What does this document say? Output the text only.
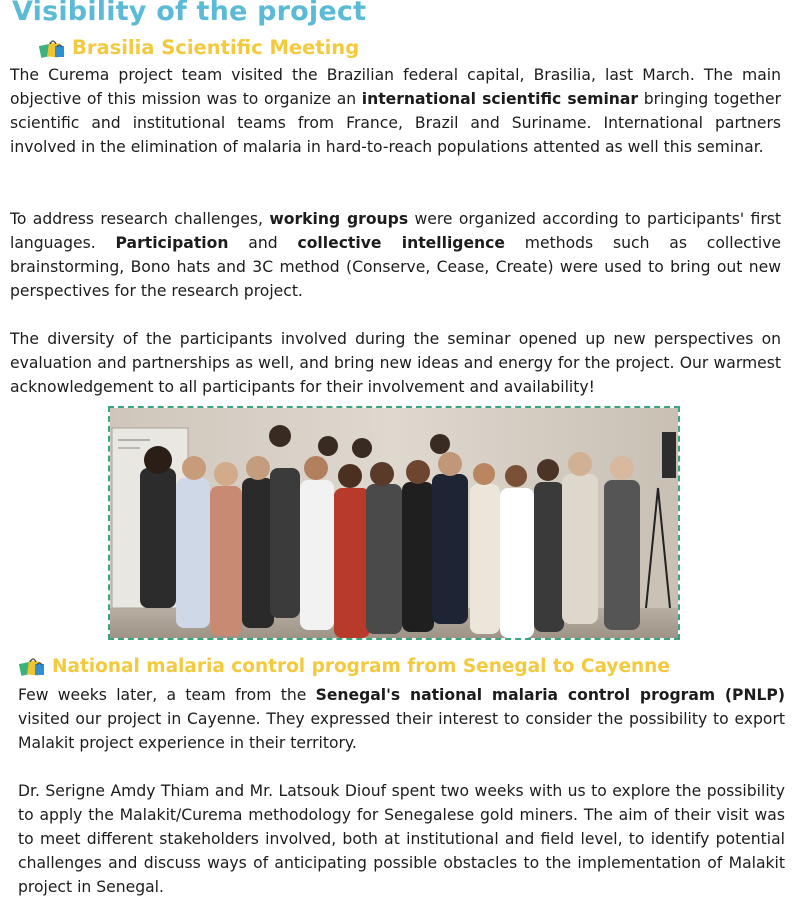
Visibility of the project
Brasilia Scientific Meeting

The Curema project team visited the Brazilian federal capital, Brasilia, last March. The main objective of this mission was to organize an international scientific seminar bringing together scientific and institutional teams from France, Brazil and Suriname. International partners involved in the elimination of malaria in hard-to-reach populations attented as well this seminar.

To address research challenges, working groups were organized according to participants' first languages. Participation and collective intelligence methods such as collective brainstorming, Bono hats and 3C method (Conserve, Cease, Create) were used to bring out new perspectives for the research project.

The diversity of the participants involved during the seminar opened up new perspectives on evaluation and partnerships as well, and bring new ideas and energy for the project. Our warmest acknowledgement to all participants for their involvement and availability!

National malaria control program from Senegal to Cayenne

Few weeks later, a team from the Senegal's national malaria control program (PNLP) visited our project in Cayenne. They expressed their interest to consider the possibility to export Malakit project experience in their territory.

Dr. Serigne Amdy Thiam and Mr. Latsouk Diouf spent two weeks with us to explore the possibility to apply the Malakit/Curema methodology for Senegalese gold miners. The aim of their visit was to meet different stakeholders involved, both at institutional and field level, to identify potential challenges and discuss ways of anticipating possible obstacles to the implementation of Malakit project in Senegal.
